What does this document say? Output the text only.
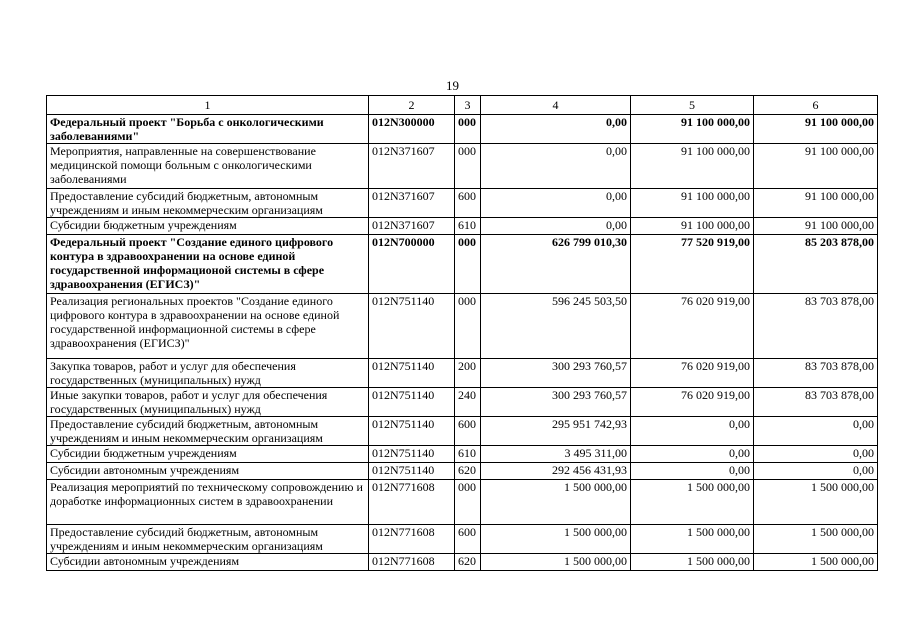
19
1	2	3	4	5	6
Федеральный проект "Борьба с онкологическими заболеваниями"	012N300000	000	0,00	91 100 000,00	91 100 000,00
Мероприятия, направленные на совершенствование медицинской помощи больным с онкологическими заболеваниями	012N371607	000	0,00	91 100 000,00	91 100 000,00
Предоставление субсидий бюджетным, автономным учреждениям и иным некоммерческим организациям	012N371607	600	0,00	91 100 000,00	91 100 000,00
Субсидии бюджетным учреждениям	012N371607	610	0,00	91 100 000,00	91 100 000,00
Федеральный проект "Создание единого цифрового контура в здравоохранении на основе единой государственной информационой системы в сфере здравоохранения (ЕГИСЗ)"	012N700000	000	626 799 010,30	77 520 919,00	85 203 878,00
Реализация региональных проектов "Создание единого цифрового контура в здравоохранении на основе единой государственной информационной системы в сфере здравоохранения (ЕГИСЗ)"	012N751140	000	596 245 503,50	76 020 919,00	83 703 878,00
Закупка товаров, работ и услуг для обеспечения государственных (муниципальных) нужд	012N751140	200	300 293 760,57	76 020 919,00	83 703 878,00
Иные закупки товаров, работ и услуг для обеспечения государственных (муниципальных) нужд	012N751140	240	300 293 760,57	76 020 919,00	83 703 878,00
Предоставление субсидий бюджетным, автономным учреждениям и иным некоммерческим организациям	012N751140	600	295 951 742,93	0,00	0,00
Субсидии бюджетным учреждениям	012N751140	610	3 495 311,00	0,00	0,00
Субсидии автономным учреждениям	012N751140	620	292 456 431,93	0,00	0,00
Реализация мероприятий по техническому сопровождению и доработке информационных систем в здравоохранении	012N771608	000	1 500 000,00	1 500 000,00	1 500 000,00
Предоставление субсидий бюджетным, автономным учреждениям и иным некоммерческим организациям	012N771608	600	1 500 000,00	1 500 000,00	1 500 000,00
Субсидии автономным учреждениям	012N771608	620	1 500 000,00	1 500 000,00	1 500 000,00
